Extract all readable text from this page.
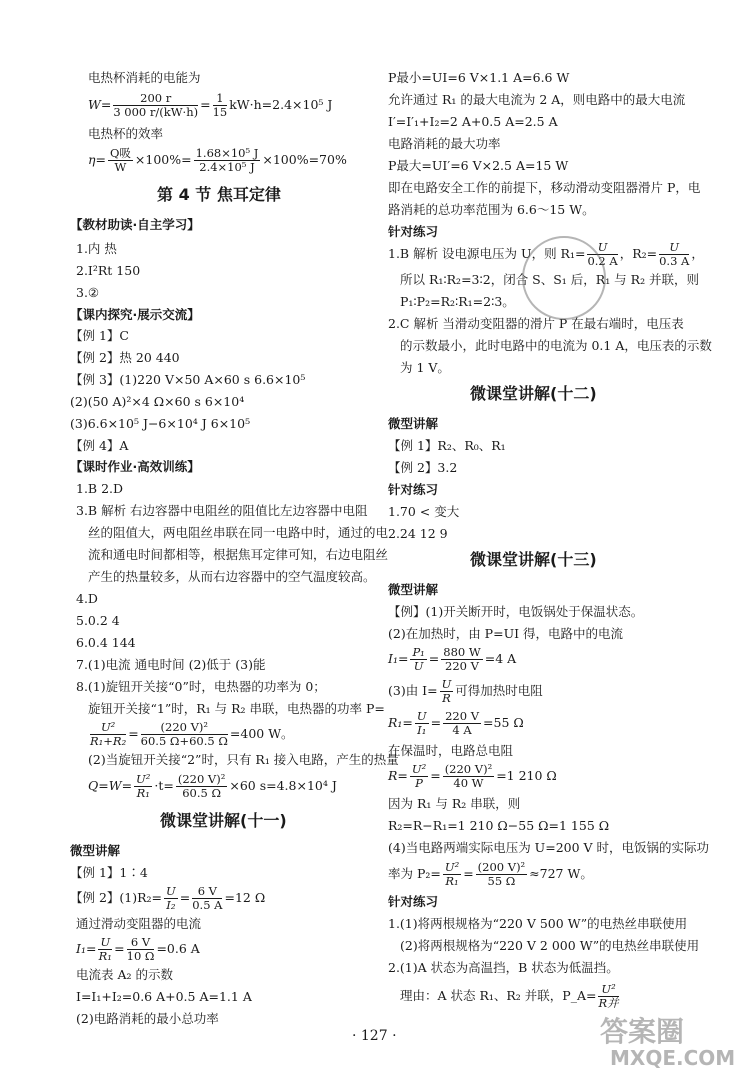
电热杯消耗的电能为
$W= \frac{200 r}{3 000 r/(kW\cdot h)} = \frac{1}{15} kW\cdot h=2.4\times 10^5$ J
电热杯的效率
$\eta= \frac{\text{Q吸}}{W} \times 100\%= \frac{\text{1.68×10⁵ J}}{\text{2.4×10⁵ J}} \times 100\%=70\%$
第 4 节 焦耳定律
【教材助读·自主学习】
1.内 热
2.I²Rt 150
3.②
【课内探究·展示交流】
【例 1】C
【例 2】热 20 440
【例 3】(1)220 V×50 A×60 s 6.6×10⁵
(2)(50 A)²×4 Ω×60 s 6×10⁴
(3)6.6×10⁵ J−6×10⁴ J 6×10⁵
【例 4】A
【课时作业·高效训练】
1.B 2.D
3.B 解析 右边容器中电阻丝的阻值比左边容器中电阻
丝的阻值大，两电阻丝串联在同一电路中时，通过的电
流和通电时间都相等，根据焦耳定律可知，右边电阻丝
产生的热量较多，从而右边容器中的空气温度较高。
4.D
5.0.2 4
6.0.4 144
7.(1)电流 通电时间 (2)低于 (3)能
8.(1)旋钮开关接“0”时，电热器的功率为 0；
旋钮开关接“1”时，R₁ 与 R₂ 串联，电热器的功率 P=
$\frac{\text{U²}}{\text{R₁+R₂}} = \frac{\text{(220 V)²}}{60.5 \Omega+60.5 \Omega} =400$ W。
(2)当旋钮开关接“2”时，只有 R₁ 接入电路，产生的热量
$Q=W= \frac{\text{U²}}{\text{R₁}} \cdot t= \frac{\text{(220 V)²}}{60.5 \Omega} \times 60$ s=4.8×10⁴ J
微课堂讲解(十一)
微型讲解
【例 1】1∶4
【例 2】$(1)R_2= \frac{U}{\text{I₂}} = \frac{6 V}{0.5 A} =12$ Ω
通过滑动变阻器的电流
$I_1= \frac{U}{\text{R₁}} = \frac{6 V}{10 \Omega} =0.6$ A
电流表 A₂ 的示数
I=I₁+I₂=0.6 A+0.5 A=1.1 A
(2)电路消耗的最小总功率
P最小=UI=6 V×1.1 A=6.6 W
允许通过 R₁ 的最大电流为 2 A，则电路中的最大电流
I′=I′₁+I₂=2 A+0.5 A=2.5 A
电路消耗的最大功率
P最大=UI′=6 V×2.5 A=15 W
即在电路安全工作的前提下，移动滑动变阻器滑片 P，电
路消耗的总功率范围为 6.6～15 W。
针对练习
1.B 解析 设电源电压为 U，则 $R_1= \frac{U}{0.2 A}$ ，$R_2= \frac{U}{0.3 A}$ ，
所以 R₁∶R₂=3∶2，闭合 S、S₁ 后，R₁ 与 R₂ 并联，则
P₁∶P₂=R₂∶R₁=2∶3。
2.C 解析 当滑动变阻器的滑片 P 在最右端时，电压表
的示数最小，此时电路中的电流为 0.1 A，电压表的示数
为 1 V。
微课堂讲解(十二)
微型讲解
【例 1】R₂、R₀、R₁
【例 2】3.2
针对练习
1.70 < 变大
2.24 12 9
微课堂讲解(十三)
微型讲解
【例】(1)开关断开时，电饭锅处于保温状态。
(2)在加热时，由 P=UI 得，电路中的电流
$I_1= \frac{\text{P₁}}{U} = \frac{880 W}{220 V} =4$ A
(3)由 $I= \frac{U}{R}$ 可得加热时电阻
$R_1= \frac{U}{\text{I₁}} = \frac{220 V}{4 A} =55$ Ω
在保温时，电路总电阻
$R= \frac{\text{U²}}{P} = \frac{\text{(220 V)²}}{40 W} =1$ 210 Ω
因为 R₁ 与 R₂ 串联，则
R₂=R−R₁=1 210 Ω−55 Ω=1 155 Ω
(4)当电路两端实际电压为 U=200 V 时，电饭锅的实际功
率为 $P_2= \frac{\text{U²}}{\text{R₁}} = \frac{\text{(200 V)²}}{55 \Omega} \approx 727$ W。
针对练习
1.(1)将两根规格为“220 V 500 W”的电热丝串联使用
(2)将两根规格为“220 V 2 000 W”的电热丝串联使用
2.(1)A 状态为高温挡，B 状态为低温挡。
理由：A 状态 R₁、R₂ 并联，P_A= $\frac{\text{U²}}{\text{R并}}$
答案圈
MXQE.COM
· 127 ·
